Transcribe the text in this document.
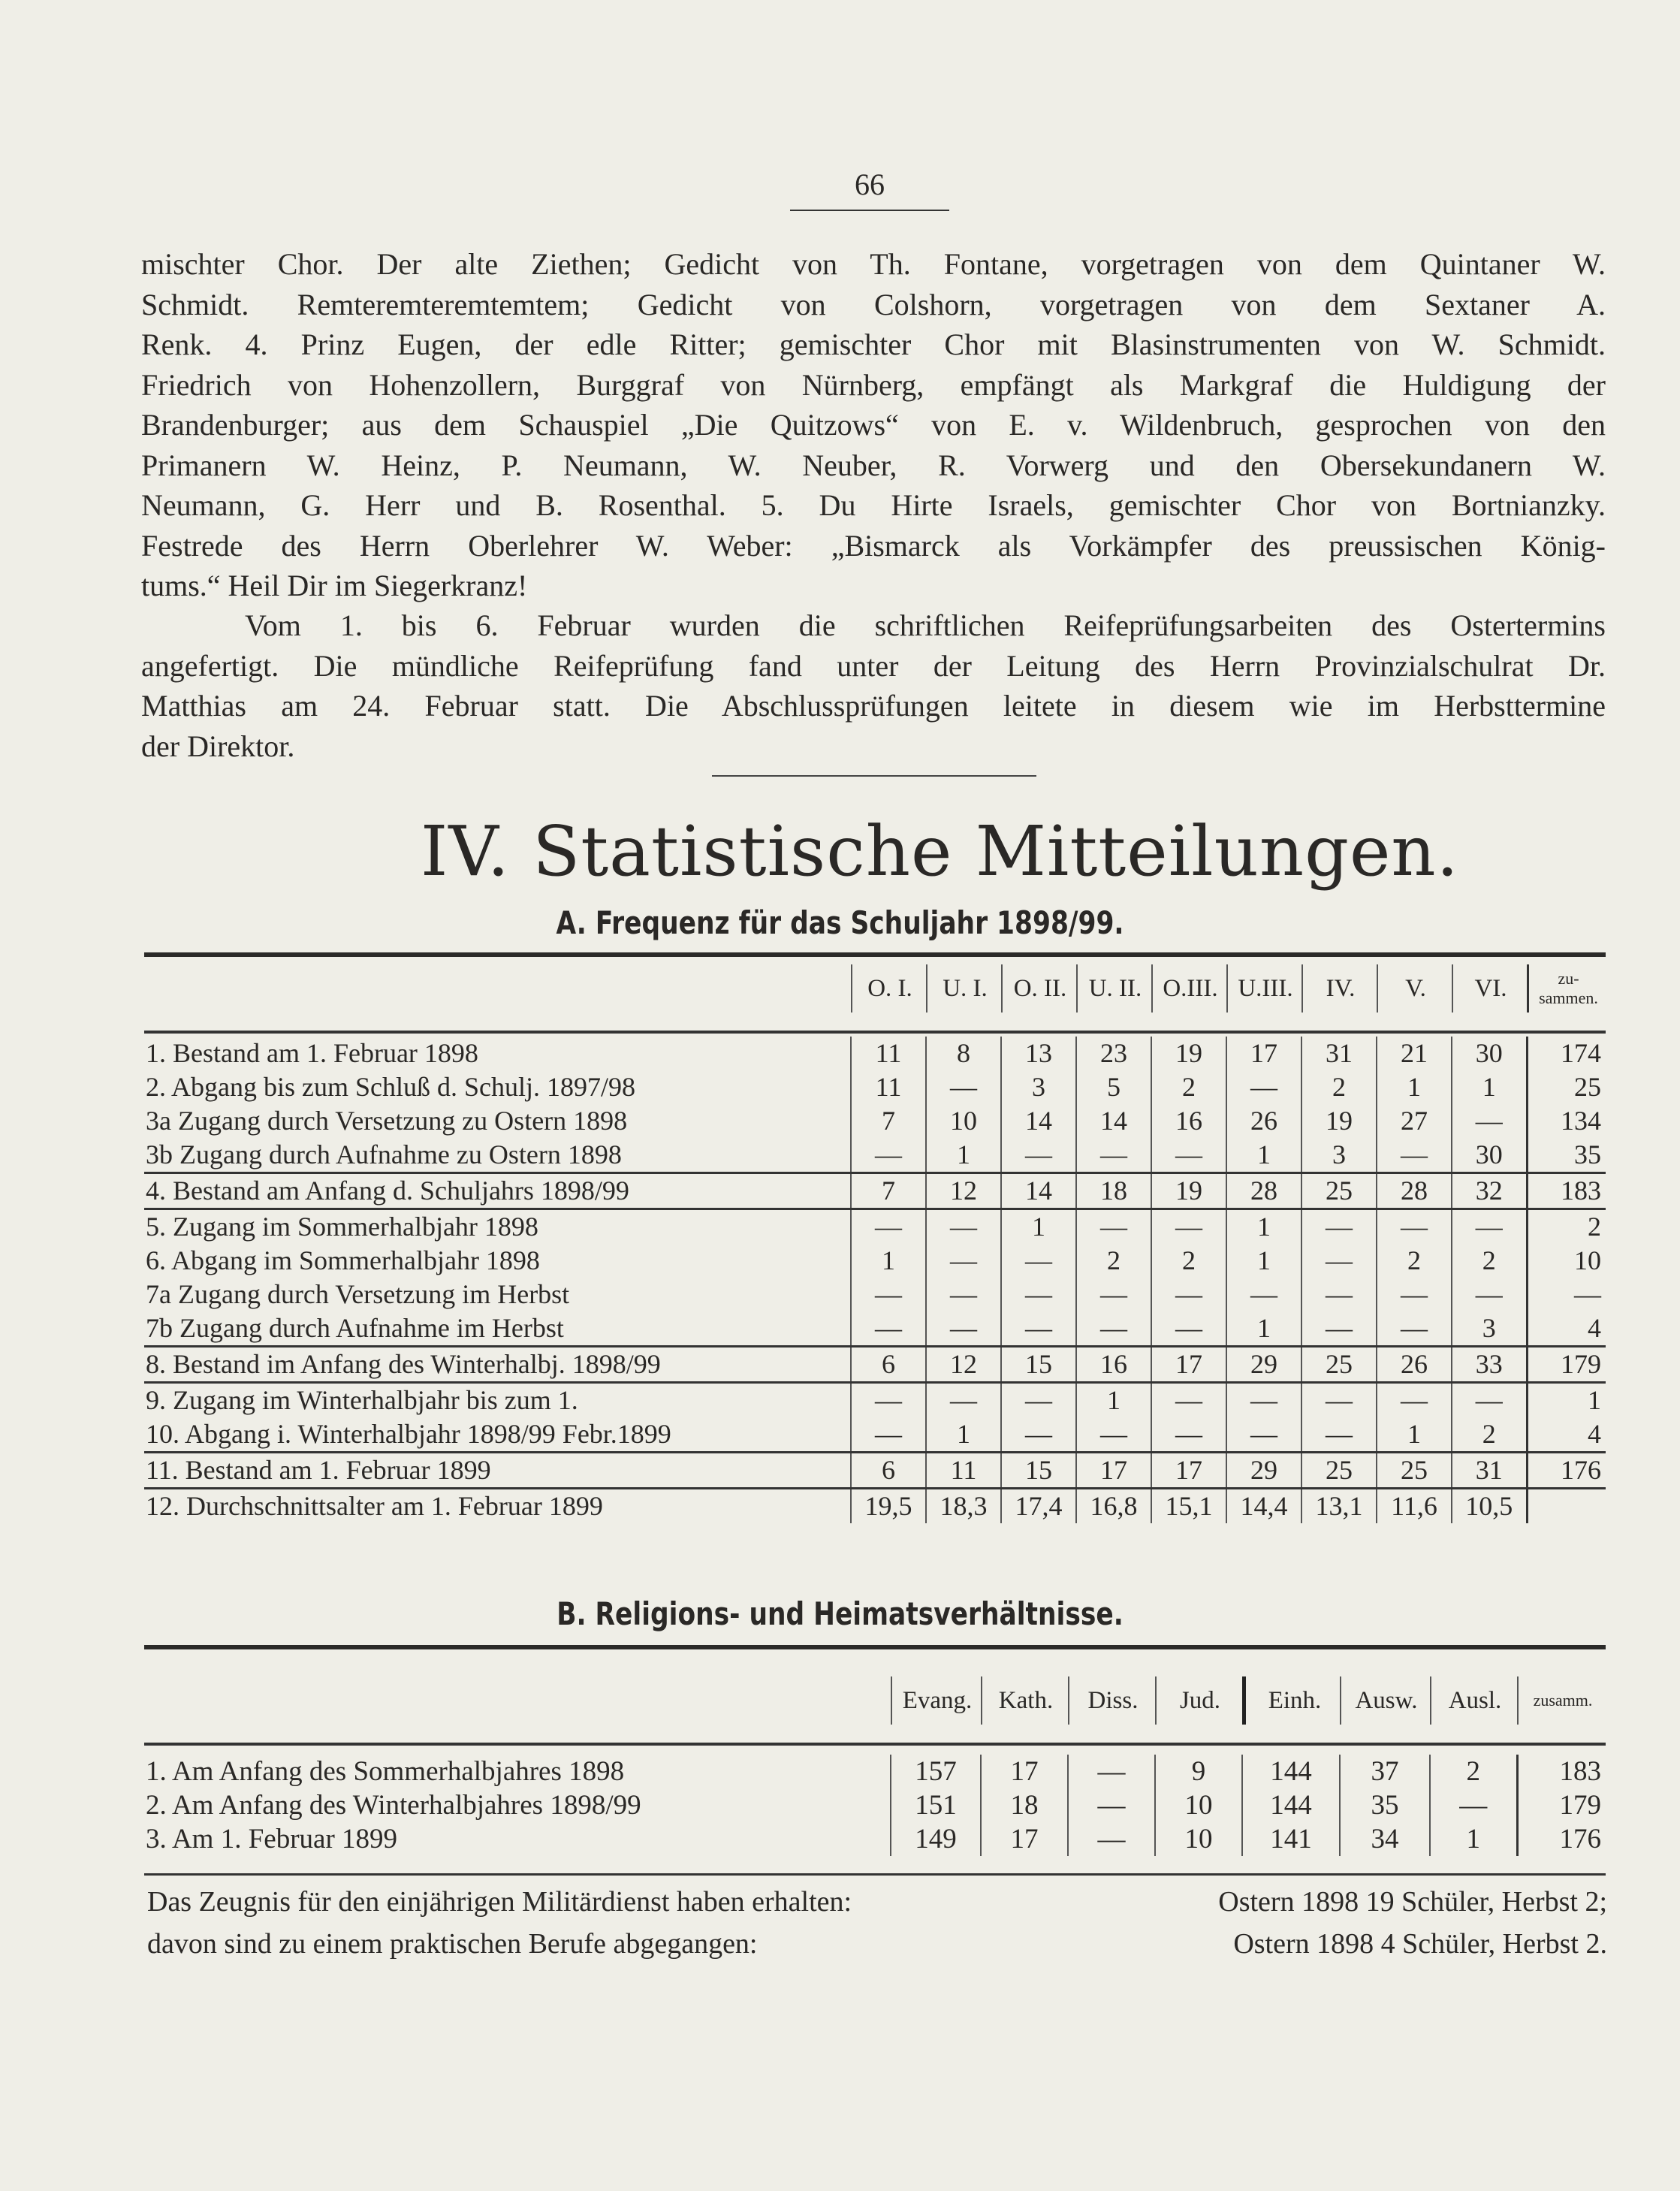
66
mischter Chor. Der alte Ziethen; Gedicht von Th. Fontane, vorgetragen von dem Quintaner W.
Schmidt. Remteremteremtemtem; Gedicht von Colshorn, vorgetragen von dem Sextaner A.
Renk. 4. Prinz Eugen, der edle Ritter; gemischter Chor mit Blasinstrumenten von W. Schmidt.
Friedrich von Hohenzollern, Burggraf von Nürnberg, empfängt als Markgraf die Huldigung der
Brandenburger; aus dem Schauspiel „Die Quitzows“ von E. v. Wildenbruch, gesprochen von den
Primanern W. Heinz, P. Neumann, W. Neuber, R. Vorwerg und den Obersekundanern W.
Neumann, G. Herr und B. Rosenthal. 5. Du Hirte Israels, gemischter Chor von Bortnianzky.
Festrede des Herrn Oberlehrer W. Weber: „Bismarck als Vorkämpfer des preussischen König-
tums.“ Heil Dir im Siegerkranz!
Vom 1. bis 6. Februar wurden die schriftlichen Reifeprüfungsarbeiten des Ostertermins
angefertigt. Die mündliche Reifeprüfung fand unter der Leitung des Herrn Provinzialschulrat Dr.
Matthias am 24. Februar statt. Die Abschlussprüfungen leitete in diesem wie im Herbsttermine
der Direktor.
IV. Statistische Mitteilungen.
A. Frequenz für das Schuljahr 1898/99.
O. I.	U. I.	O. II. U. II. O.III. U.III.	IV.	V.	VI.	zu-sammen.
1. Bestand am 1. Februar 1898	11	8	13	23	19	17	31	21	30	174
2. Abgang bis zum Schluß d. Schulj. 1897/98	11	—	3	5	2	—	2	1	1	25
3a Zugang durch Versetzung zu Ostern 1898	7	10	14	14	16	26	19	27	—	134
3b Zugang durch Aufnahme zu Ostern 1898	—	1	—	—	—	1	3	—	30	35
4. Bestand am Anfang d. Schuljahrs 1898/99	7	12	14	18	19	28	25	28	32	183
5. Zugang im Sommerhalbjahr 1898	—	—	1	—	—	1	—	—	—	2
6. Abgang im Sommerhalbjahr 1898	1	—	—	2	2	1	—	2	2	10
7a Zugang durch Versetzung im Herbst	—	—	—	—	—	—	—	—	—	—
7b Zugang durch Aufnahme im Herbst	—	—	—	—	—	1	—	—	3	4
8. Bestand im Anfang des Winterhalbj. 1898/99	6	12	15	16	17	29	25	26	33	179
9. Zugang im Winterhalbjahr bis zum 1.	—	—	—	1	—	—	—	—	—	1
10. Abgang i. Winterhalbjahr 1898/99 Febr.1899	—	1	—	—	—	—	—	1	2	4
11. Bestand am 1. Februar 1899	6	11	15	17	17	29	25	25	31	176
12. Durchschnittsalter am 1. Februar 1899	19,5	18,3	17,4	16,8	15,1	14,4	13,1	11,6	10,5	
B. Religions- und Heimatsverhältnisse.
Evang.	Kath.	Diss.	Jud.	Einh.	Ausw.	Ausl.	zusamm.
1. Am Anfang des Sommerhalbjahres 1898	157	17	—	9	144	37	2	183
2. Am Anfang des Winterhalbjahres 1898/99	151	18	—	10	144	35	—	179
3. Am 1. Februar 1899	149	17	—	10	141	34	1	176
Das Zeugnis für den einjährigen Militärdienst haben erhalten:	Ostern 1898 19 Schüler, Herbst 2;
davon sind zu einem praktischen Berufe abgegangen:	Ostern 1898 4 Schüler, Herbst 2.
